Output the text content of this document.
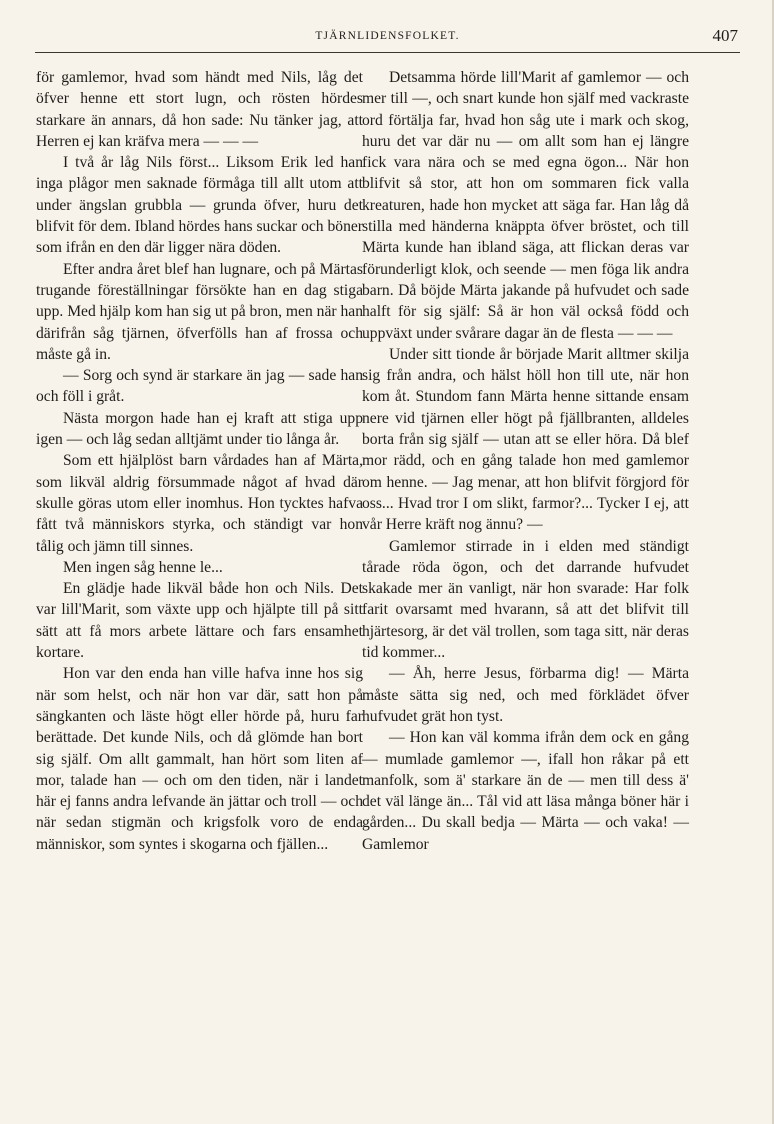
TJÄRNLIDENSFOLKET.	407

för gamlemor, hvad som händt med Nils, låg det öfver henne ett stort lugn, och rösten hördes starkare än annars, då hon sade: Nu tänker jag, att Herren ej kan kräfva mera — — —

I två år låg Nils först... Liksom Erik led han inga plågor men saknade förmåga till allt utom att under ängslan grubbla — grunda öfver, huru det blifvit för dem. Ibland hördes hans suckar och böner som ifrån en den där ligger nära döden.

Efter andra året blef han lugnare, och på Märtas trugande föreställningar försökte han en dag stiga upp. Med hjälp kom han sig ut på bron, men när han därifrån såg tjärnen, öfverfölls han af frossa och måste gå in.

— Sorg och synd är starkare än jag — sade han och föll i gråt.

Nästa morgon hade han ej kraft att stiga upp igen — och låg sedan alltjämt under tio långa år.

Som ett hjälplöst barn vårdades han af Märta, som likväl aldrig försummade något af hvad där skulle göras utom eller inomhus. Hon tycktes hafva fått två människors styrka, och ständigt var hon tålig och jämn till sinnes.

Men ingen såg henne le...

En glädje hade likväl både hon och Nils. Det var lill'Marit, som växte upp och hjälpte till på sitt sätt att få mors arbete lättare och fars ensamhet kortare.

Hon var den enda han ville hafva inne hos sig när som helst, och när hon var där, satt hon på sängkanten och läste högt eller hörde på, huru far berättade. Det kunde Nils, och då glömde han bort sig själf. Om allt gammalt, han hört som liten af mor, talade han — och om den tiden, när i landet här ej fanns andra lefvande än jättar och troll — och när sedan stigmän och krigsfolk voro de enda människor, som syntes i skogarna och fjällen...

Detsamma hörde lill'Marit af gamlemor — och mer till —, och snart kunde hon själf med vackraste ord förtälja far, hvad hon såg ute i mark och skog, huru det var där nu — om allt som han ej längre fick vara nära och se med egna ögon... När hon blifvit så stor, att hon om sommaren fick valla kreaturen, hade hon mycket att säga far. Han låg då stilla med händerna knäppta öfver bröstet, och till Märta kunde han ibland säga, att flickan deras var förunderligt klok, och seende — men föga lik andra barn. Då böjde Märta jakande på hufvudet och sade halft för sig själf: Så är hon väl också född och uppväxt under svårare dagar än de flesta — — —

Under sitt tionde år började Marit alltmer skilja sig från andra, och hälst höll hon till ute, när hon kom åt. Stundom fann Märta henne sittande ensam nere vid tjärnen eller högt på fjällbranten, alldeles borta från sig själf — utan att se eller höra. Då blef mor rädd, och en gång talade hon med gamlemor om henne. — Jag menar, att hon blifvit förgjord för oss... Hvad tror I om slikt, farmor?... Tycker I ej, att vår Herre kräft nog ännu? —

Gamlemor stirrade in i elden med ständigt tårade röda ögon, och det darrande hufvudet skakade mer än vanligt, när hon svarade: Har folk farit ovarsamt med hvarann, så att det blifvit till hjärtesorg, är det väl trollen, som taga sitt, när deras tid kommer...

— Åh, herre Jesus, förbarma dig! — Märta måste sätta sig ned, och med förklädet öfver hufvudet grät hon tyst.

— Hon kan väl komma ifrån dem ock en gång — mumlade gamlemor —, ifall hon råkar på ett manfolk, som ä' starkare än de — men till dess ä' det väl länge än... Tål vid att läsa många böner här i gården... Du skall bedja — Märta — och vaka! — Gamlemor
